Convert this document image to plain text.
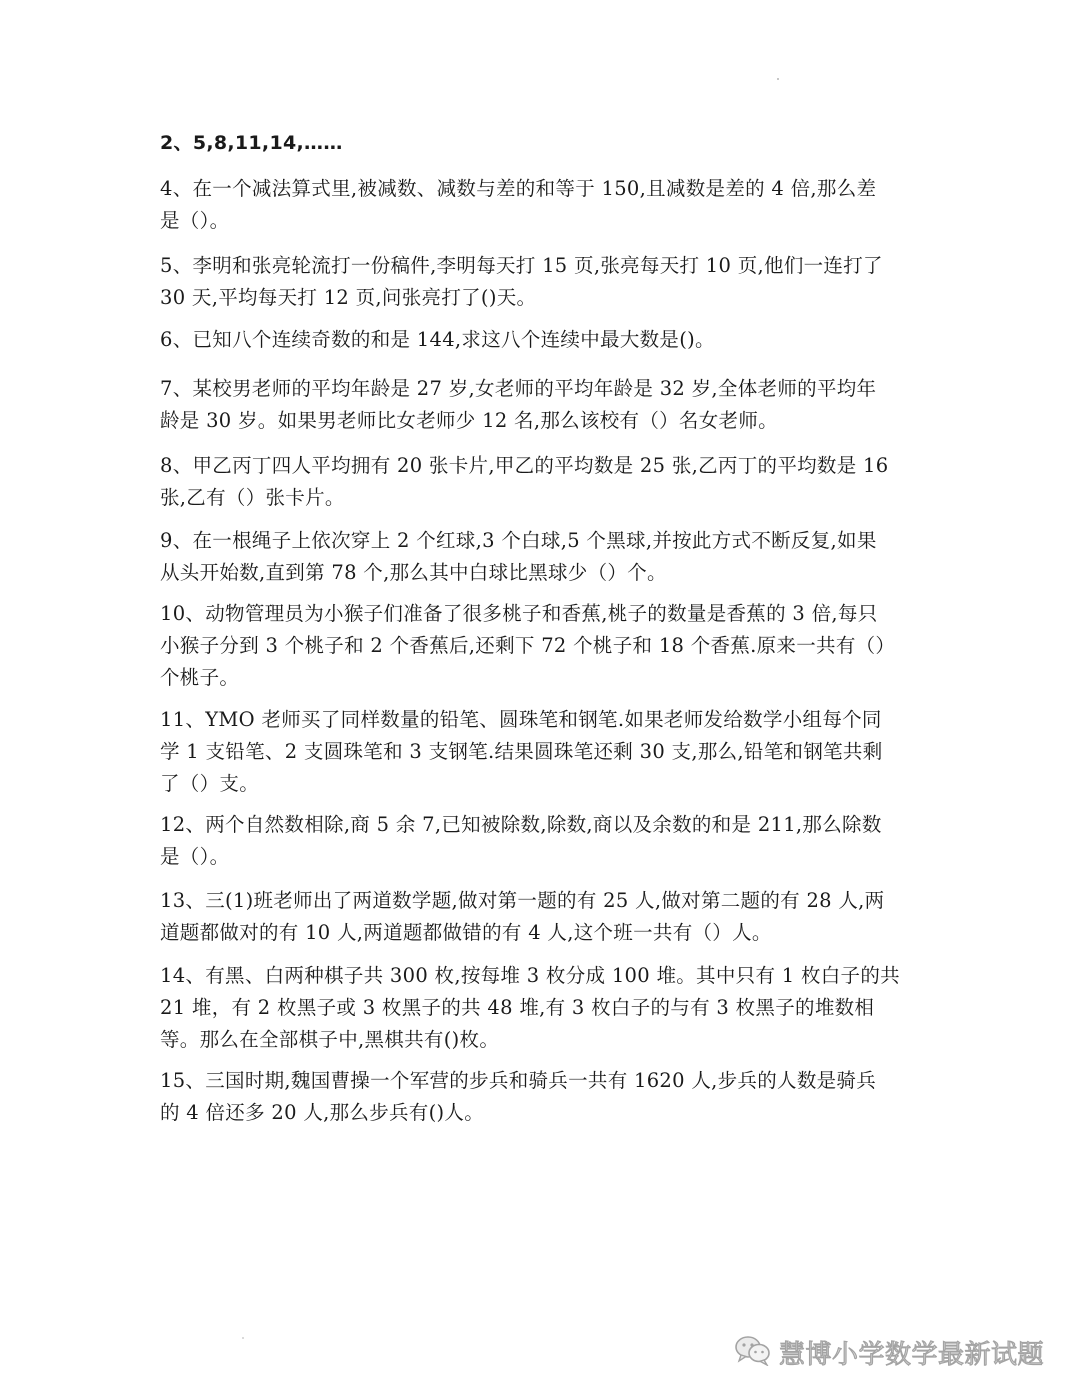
2、5,8,11,14,……
4、在一个减法算式里,被减数、减数与差的和等于 150,且减数是差的 4 倍,那么差
是（）。
5、李明和张亮轮流打一份稿件,李明每天打 15 页,张亮每天打 10 页,他们一连打了
30 天,平均每天打 12 页,问张亮打了()天。
6、已知八个连续奇数的和是 144,求这八个连续中最大数是()。
7、某校男老师的平均年龄是 27 岁,女老师的平均年龄是 32 岁,全体老师的平均年
龄是 30 岁。如果男老师比女老师少 12 名,那么该校有（）名女老师。
8、甲乙丙丁四人平均拥有 20 张卡片,甲乙的平均数是 25 张,乙丙丁的平均数是 16
张,乙有（）张卡片。
9、在一根绳子上依次穿上 2 个红球,3 个白球,5 个黑球,并按此方式不断反复,如果
从头开始数,直到第 78 个,那么其中白球比黑球少（）个。
10、动物管理员为小猴子们准备了很多桃子和香蕉,桃子的数量是香蕉的 3 倍,每只
小猴子分到 3 个桃子和 2 个香蕉后,还剩下 72 个桃子和 18 个香蕉.原来一共有（）
个桃子。
11、YMO 老师买了同样数量的铅笔、圆珠笔和钢笔.如果老师发给数学小组每个同
学 1 支铅笔、2 支圆珠笔和 3 支钢笔.结果圆珠笔还剩 30 支,那么,铅笔和钢笔共剩
了（）支。
12、两个自然数相除,商 5 余 7,已知被除数,除数,商以及余数的和是 211,那么除数
是（）。
13、三(1)班老师出了两道数学题,做对第一题的有 25 人,做对第二题的有 28 人,两
道题都做对的有 10 人,两道题都做错的有 4 人,这个班一共有（）人。
14、有黑、白两种棋子共 300 枚,按每堆 3 枚分成 100 堆。其中只有 1 枚白子的共
21 堆，有 2 枚黑子或 3 枚黑子的共 48 堆,有 3 枚白子的与有 3 枚黑子的堆数相
等。那么在全部棋子中,黑棋共有()枚。
15、三国时期,魏国曹操一个军营的步兵和骑兵一共有 1620 人,步兵的人数是骑兵
的 4 倍还多 20 人,那么步兵有()人。
慧博小学数学最新试题
